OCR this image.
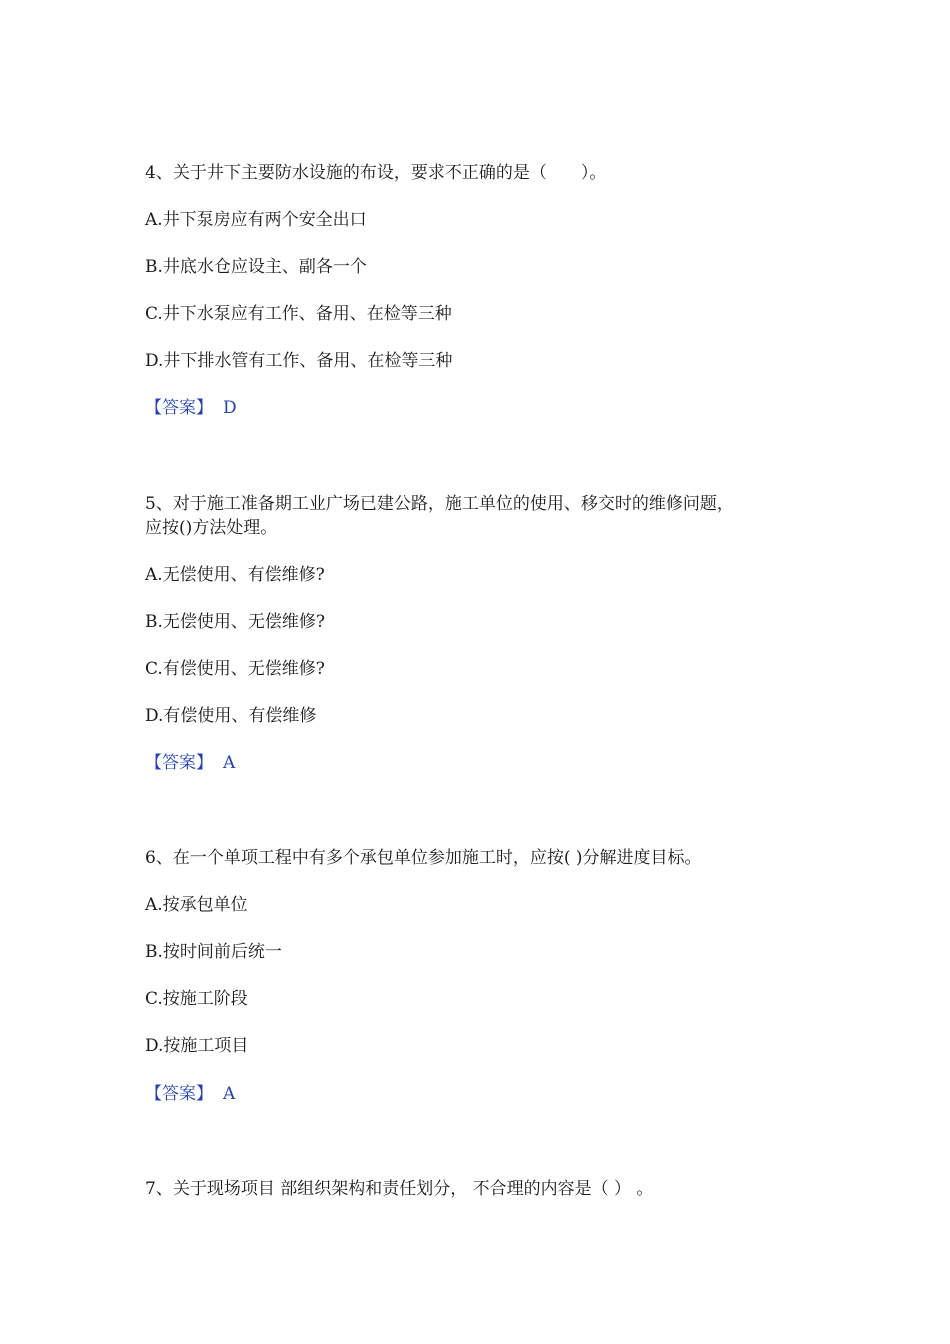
4、关于井下主要防水设施的布设，要求不正确的是（　　）。
A.井下泵房应有两个安全出口
B.井底水仓应设主、副各一个
C.井下水泵应有工作、备用、在检等三种
D.井下排水管有工作、备用、在检等三种
【答案】 D
5、对于施工准备期工业广场已建公路，施工单位的使用、移交时的维修问题，
应按()方法处理。
A.无偿使用、有偿维修?
B.无偿使用、无偿维修?
C.有偿使用、无偿维修?
D.有偿使用、有偿维修
【答案】 A
6、在一个单项工程中有多个承包单位参加施工时，应按( )分解进度目标。
A.按承包单位
B.按时间前后统一
C.按施工阶段
D.按施工项目
【答案】 A
7、关于现场项目 部组织架构和责任划分， 不合理的内容是（ ） 。
